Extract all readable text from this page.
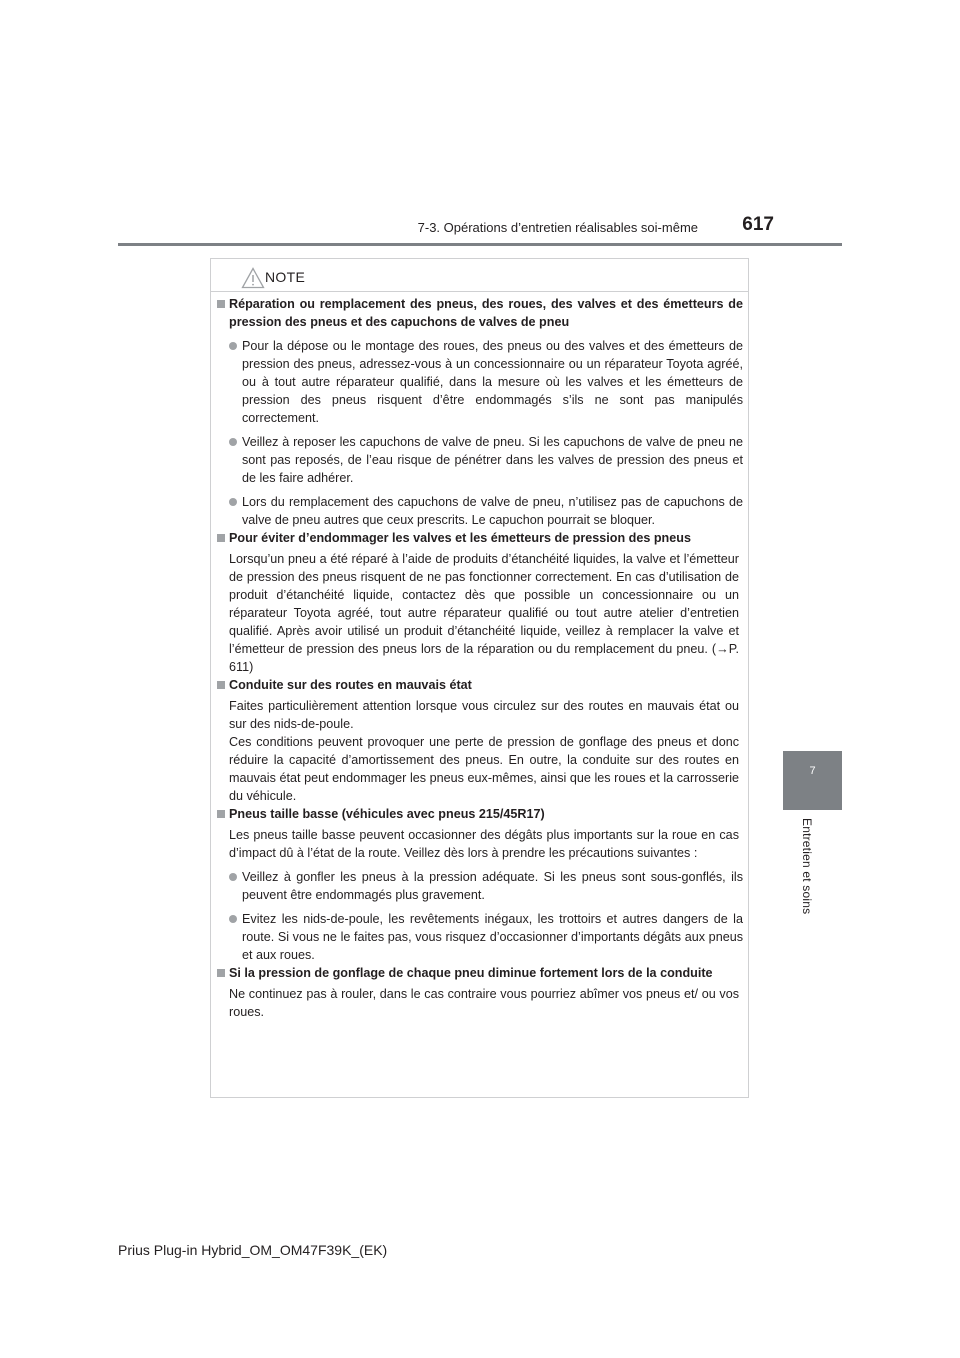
7-3. Opérations d’entretien réalisables soi-même 617
7
Entretien et soins
NOTE
Réparation ou remplacement des pneus, des roues, des valves et des émetteurs de pression des pneus et des capuchons de valves de pneu
Pour la dépose ou le montage des roues, des pneus ou des valves et des émetteurs de pression des pneus, adressez-vous à un concessionnaire ou un réparateur Toyota agréé, ou à tout autre réparateur qualifié, dans la mesure où les valves et les émetteurs de pression des pneus risquent d’être endommagés s’ils ne sont pas manipulés correctement.
Veillez à reposer les capuchons de valve de pneu. Si les capuchons de valve de pneu ne sont pas reposés, de l’eau risque de pénétrer dans les valves de pression des pneus et de les faire adhérer.
Lors du remplacement des capuchons de valve de pneu, n’utilisez pas de capuchons de valve de pneu autres que ceux prescrits. Le capuchon pourrait se bloquer.
Pour éviter d’endommager les valves et les émetteurs de pression des pneus
Lorsqu’un pneu a été réparé à l’aide de produits d’étanchéité liquides, la valve et l’émetteur de pression des pneus risquent de ne pas fonctionner correctement. En cas d’utilisation de produit d’étanchéité liquide, contactez dès que possible un concessionnaire ou un réparateur Toyota agréé, tout autre réparateur qualifié ou tout autre atelier d’entretien qualifié. Après avoir utilisé un produit d’étanchéité liquide, veillez à remplacer la valve et l’émetteur de pression des pneus lors de la réparation ou du remplacement du pneu. (→P. 611)
Conduite sur des routes en mauvais état
Faites particulièrement attention lorsque vous circulez sur des routes en mauvais état ou sur des nids-de-poule.
Ces conditions peuvent provoquer une perte de pression de gonflage des pneus et donc réduire la capacité d’amortissement des pneus. En outre, la conduite sur des routes en mauvais état peut endommager les pneus eux-mêmes, ainsi que les roues et la carrosserie du véhicule.
Pneus taille basse (véhicules avec pneus 215/45R17)
Les pneus taille basse peuvent occasionner des dégâts plus importants sur la roue en cas d’impact dû à l’état de la route. Veillez dès lors à prendre les précautions suivantes :
Veillez à gonfler les pneus à la pression adéquate. Si les pneus sont sous-gonflés, ils peuvent être endommagés plus gravement.
Evitez les nids-de-poule, les revêtements inégaux, les trottoirs et autres dangers de la route. Si vous ne le faites pas, vous risquez d’occasionner d’importants dégâts aux pneus et aux roues.
Si la pression de gonflage de chaque pneu diminue fortement lors de la conduite
Ne continuez pas à rouler, dans le cas contraire vous pourriez abîmer vos pneus et/ ou vos roues.
Prius Plug-in Hybrid_OM_OM47F39K_(EK)
